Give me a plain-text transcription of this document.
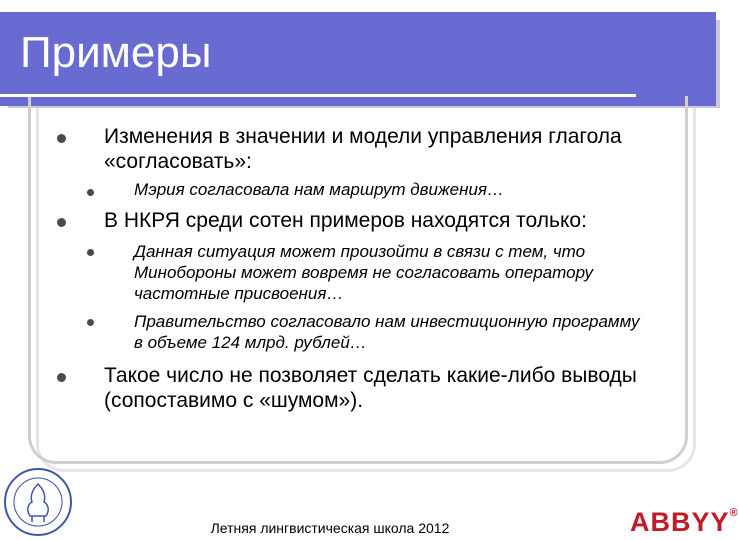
Примеры
Изменения в значении и модели управления глагола «согласовать»:
Мэрия согласовала нам маршрут движения…
В НКРЯ среди сотен примеров находятся только:
Данная ситуация может произойти в связи с тем, что Минобороны может вовремя не согласовать оператору частотные присвоения…
Правительство согласовало нам инвестиционную программу в объеме 124 млрд. рублей…
Такое число не позволяет сделать какие-либо выводы (сопоставимо с «шумом»).
Летняя лингвистическая школа 2012	ABBYY®
